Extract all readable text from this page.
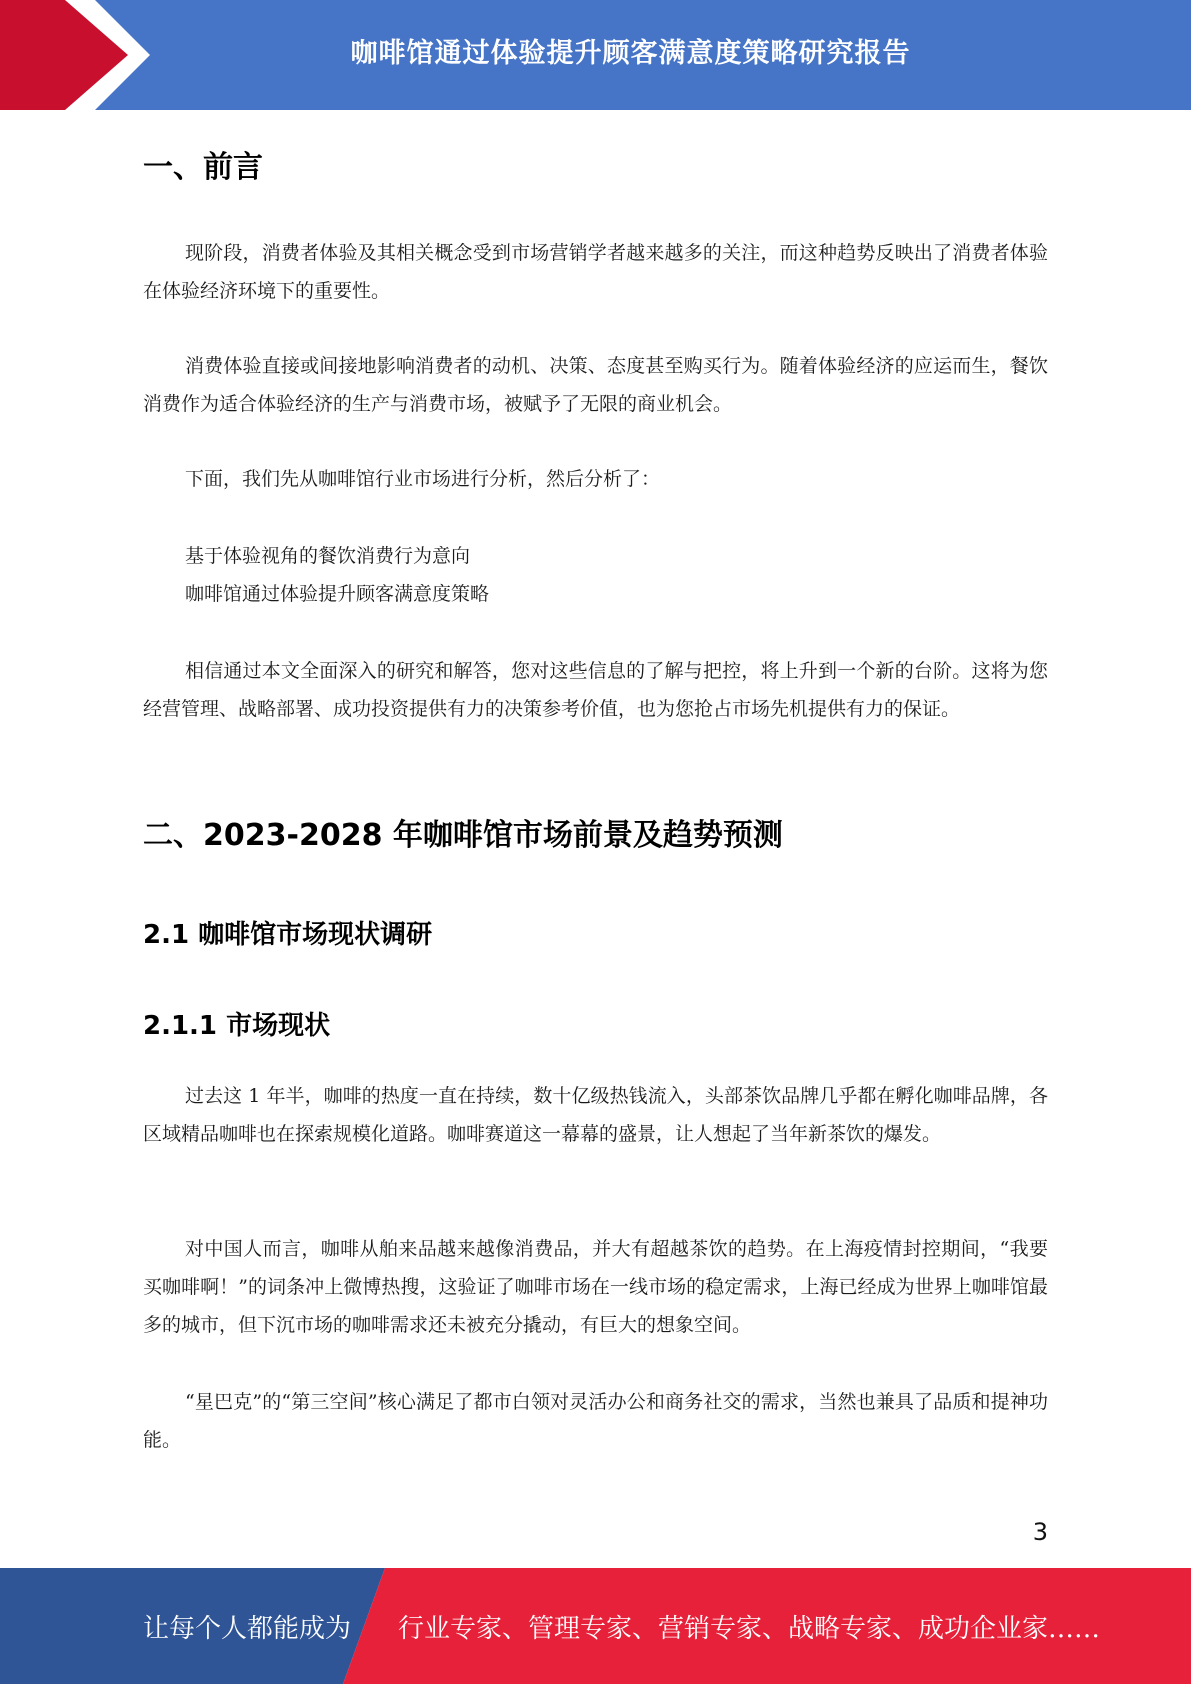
咖啡馆通过体验提升顾客满意度策略研究报告
一、前言

现阶段，消费者体验及其相关概念受到市场营销学者越来越多的关注，而这种趋势反映出了消费者体验在体验经济环境下的重要性。

消费体验直接或间接地影响消费者的动机、决策、态度甚至购买行为。随着体验经济的应运而生，餐饮消费作为适合体验经济的生产与消费市场，被赋予了无限的商业机会。

下面，我们先从咖啡馆行业市场进行分析，然后分析了：

基于体验视角的餐饮消费行为意向
咖啡馆通过体验提升顾客满意度策略

相信通过本文全面深入的研究和解答，您对这些信息的了解与把控，将上升到一个新的台阶。这将为您经营管理、战略部署、成功投资提供有力的决策参考价值，也为您抢占市场先机提供有力的保证。

二、2023-2028 年咖啡馆市场前景及趋势预测
2.1 咖啡馆市场现状调研
2.1.1 市场现状

过去这 1 年半，咖啡的热度一直在持续，数十亿级热钱流入，头部茶饮品牌几乎都在孵化咖啡品牌，各区域精品咖啡也在探索规模化道路。咖啡赛道这一幕幕的盛景，让人想起了当年新茶饮的爆发。

对中国人而言，咖啡从舶来品越来越像消费品，并大有超越茶饮的趋势。在上海疫情封控期间，“我要买咖啡啊！”的词条冲上微博热搜，这验证了咖啡市场在一线市场的稳定需求，上海已经成为世界上咖啡馆最多的城市，但下沉市场的咖啡需求还未被充分撬动，有巨大的想象空间。

“星巴克”的“第三空间”核心满足了都市白领对灵活办公和商务社交的需求，当然也兼具了品质和提神功能。

3
让每个人都能成为 行业专家、管理专家、营销专家、战略专家、成功企业家……
